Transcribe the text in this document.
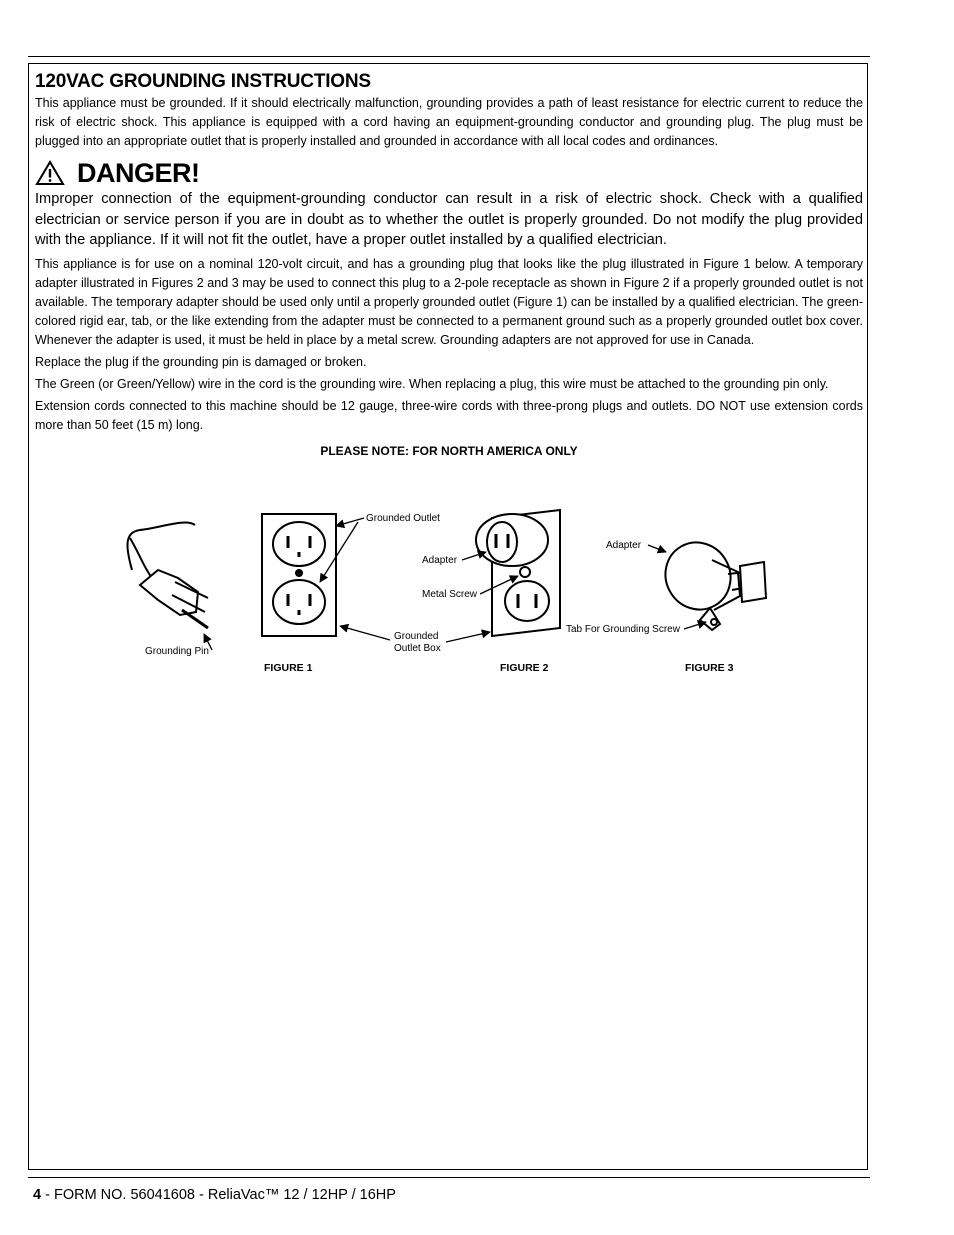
120VAC GROUNDING INSTRUCTIONS

This appliance must be grounded. If it should electrically malfunction, grounding provides a path of least resistance for electric current to reduce the risk of electric shock. This appliance is equipped with a cord having an equipment-grounding conductor and grounding plug. The plug must be plugged into an appropriate outlet that is properly installed and grounded in accordance with all local codes and ordinances.

DANGER!

Improper connection of the equipment-grounding conductor can result in a risk of electric shock. Check with a qualified electrician or service person if you are in doubt as to whether the outlet is properly grounded. Do not modify the plug provided with the appliance. If it will not fit the outlet, have a proper outlet installed by a qualified electrician.

This appliance is for use on a nominal 120-volt circuit, and has a grounding plug that looks like the plug illustrated in Figure 1 below. A temporary adapter illustrated in Figures 2 and 3 may be used to connect this plug to a 2-pole receptacle as shown in Figure 2 if a properly grounded outlet is not available. The temporary adapter should be used only until a properly grounded outlet (Figure 1) can be installed by a qualified electrician. The green-colored rigid ear, tab, or the like extending from the adapter must be connected to a permanent ground such as a properly grounded outlet box cover. Whenever the adapter is used, it must be held in place by a metal screw. Grounding adapters are not approved for use in Canada.

Replace the plug if the grounding pin is damaged or broken.

The Green (or Green/Yellow) wire in the cord is the grounding wire. When replacing a plug, this wire must be attached to the grounding pin only.

Extension cords connected to this machine should be 12 gauge, three-wire cords with three-prong plugs and outlets. DO NOT use extension cords more than 50 feet (15 m) long.

PLEASE NOTE: FOR NORTH AMERICA ONLY

Grounded Outlet
Grounding Pin
Grounded
Outlet Box
Adapter
Metal Screw
Adapter
Tab For Grounding Screw
FIGURE 1	FIGURE 2	FIGURE 3
4 - FORM NO. 56041608 - ReliaVac™ 12 / 12HP / 16HP
